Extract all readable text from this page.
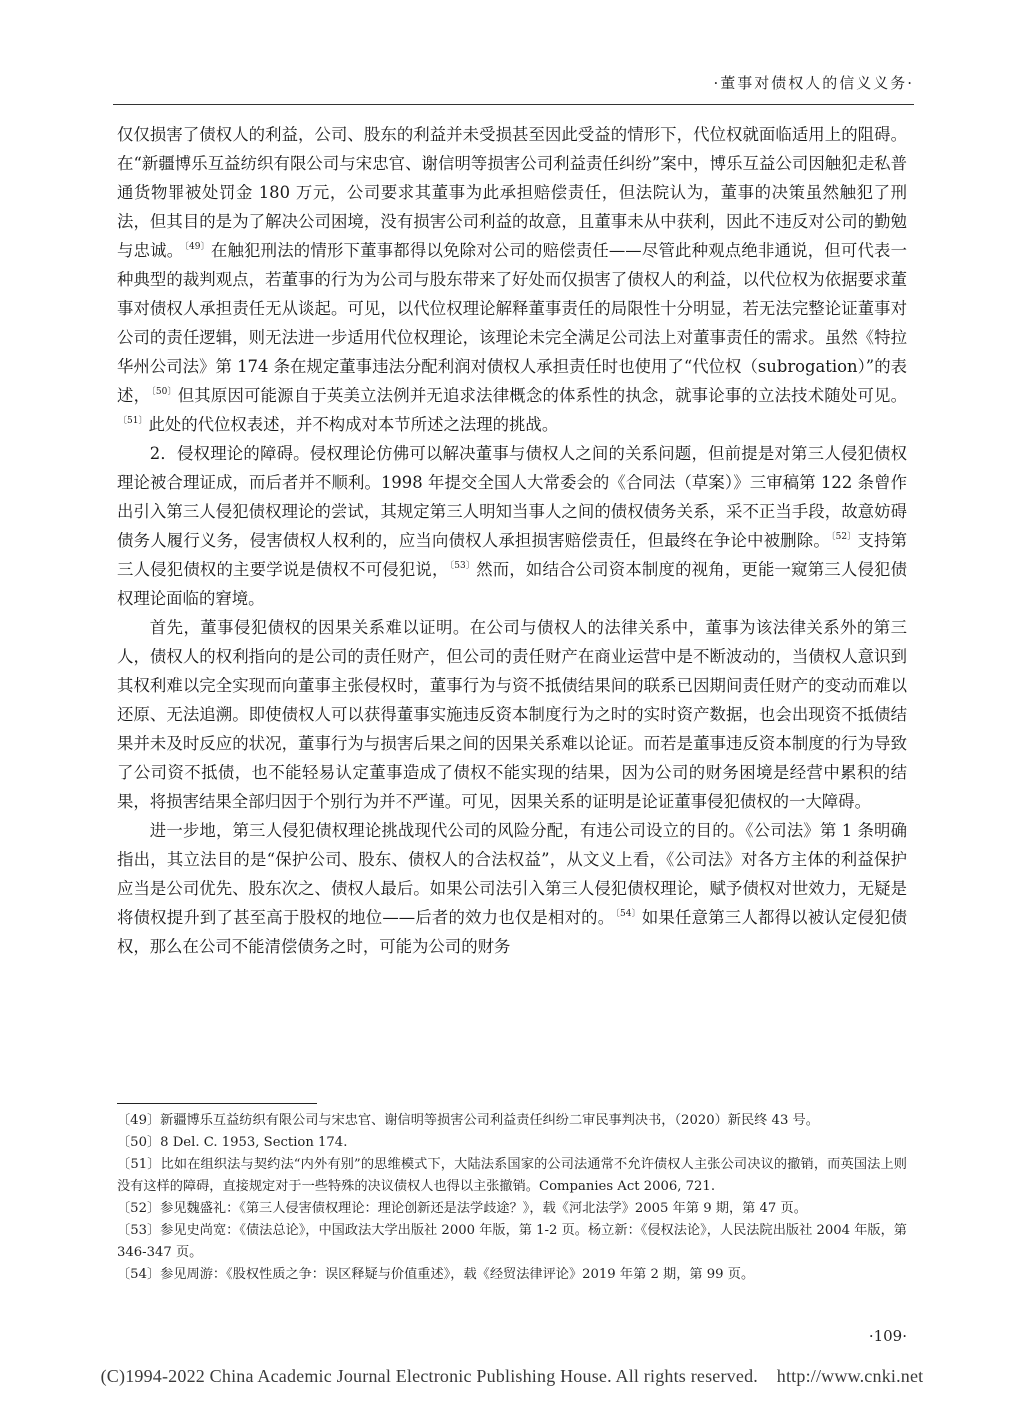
·董事对债权人的信义义务·

仅仅损害了债权人的利益，公司、股东的利益并未受损甚至因此受益的情形下，代位权就面临适用上的阻碍。在“新疆博乐互益纺织有限公司与宋忠官、谢信明等损害公司利益责任纠纷”案中，博乐互益公司因触犯走私普通货物罪被处罚金 180 万元，公司要求其董事为此承担赔偿责任，但法院认为，董事的决策虽然触犯了刑法，但其目的是为了解决公司困境，没有损害公司利益的故意，且董事未从中获利，因此不违反对公司的勤勉与忠诚。$^{〔49〕}$在触犯刑法的情形下董事都得以免除对公司的赔偿责任——尽管此种观点绝非通说，但可代表一种典型的裁判观点，若董事的行为为公司与股东带来了好处而仅损害了债权人的利益，以代位权为依据要求董事对债权人承担责任无从谈起。可见，以代位权理论解释董事责任的局限性十分明显，若无法完整论证董事对公司的责任逻辑，则无法进一步适用代位权理论，该理论未完全满足公司法上对董事责任的需求。虽然《特拉华州公司法》第 174 条在规定董事违法分配利润对债权人承担责任时也使用了“代位权（subrogation）”的表述，$^{〔50〕}$但其原因可能源自于英美立法例并无追求法律概念的体系性的执念，就事论事的立法技术随处可见。$^{〔51〕}$此处的代位权表述，并不构成对本节所述之法理的挑战。

2．侵权理论的障碍。侵权理论仿佛可以解决董事与债权人之间的关系问题，但前提是对第三人侵犯债权理论被合理证成，而后者并不顺利。1998 年提交全国人大常委会的《合同法（草案）》三审稿第 122 条曾作出引入第三人侵犯债权理论的尝试，其规定第三人明知当事人之间的债权债务关系，采不正当手段，故意妨碍债务人履行义务，侵害债权人权利的，应当向债权人承担损害赔偿责任，但最终在争论中被删除。$^{〔52〕}$支持第三人侵犯债权的主要学说是债权不可侵犯说，$^{〔53〕}$然而，如结合公司资本制度的视角，更能一窥第三人侵犯债权理论面临的窘境。

首先，董事侵犯债权的因果关系难以证明。在公司与债权人的法律关系中，董事为该法律关系外的第三人，债权人的权利指向的是公司的责任财产，但公司的责任财产在商业运营中是不断波动的，当债权人意识到其权利难以完全实现而向董事主张侵权时，董事行为与资不抵债结果间的联系已因期间责任财产的变动而难以还原、无法追溯。即使债权人可以获得董事实施违反资本制度行为之时的实时资产数据，也会出现资不抵债结果并未及时反应的状况，董事行为与损害后果之间的因果关系难以论证。而若是董事违反资本制度的行为导致了公司资不抵债，也不能轻易认定董事造成了债权不能实现的结果，因为公司的财务困境是经营中累积的结果，将损害结果全部归因于个别行为并不严谨。可见，因果关系的证明是论证董事侵犯债权的一大障碍。

进一步地，第三人侵犯债权理论挑战现代公司的风险分配，有违公司设立的目的。《公司法》第 1 条明确指出，其立法目的是“保护公司、股东、债权人的合法权益”，从文义上看，《公司法》对各方主体的利益保护应当是公司优先、股东次之、债权人最后。如果公司法引入第三人侵犯债权理论，赋予债权对世效力，无疑是将债权提升到了甚至高于股权的地位——后者的效力也仅是相对的。$^{〔54〕}$如果任意第三人都得以被认定侵犯债权，那么在公司不能清偿债务之时，可能为公司的财务

〔49〕新疆博乐互益纺织有限公司与宋忠官、谢信明等损害公司利益责任纠纷二审民事判决书，（2020）新民终 43 号。

〔50〕8 Del. C. 1953, Section 174.

〔51〕比如在组织法与契约法“内外有别”的思维模式下，大陆法系国家的公司法通常不允许债权人主张公司决议的撤销，而英国法上则没有这样的障碍，直接规定对于一些特殊的决议债权人也得以主张撤销。Companies Act 2006, 721.

〔52〕参见魏盛礼：《第三人侵害债权理论：理论创新还是法学歧途？》，载《河北法学》2005 年第 9 期，第 47 页。

〔53〕参见史尚宽：《债法总论》，中国政法大学出版社 2000 年版，第 1-2 页。杨立新：《侵权法论》，人民法院出版社 2004 年版，第 346-347 页。

〔54〕参见周游：《股权性质之争：误区释疑与价值重述》，载《经贸法律评论》2019 年第 2 期，第 99 页。

·109·
(C)1994-2022 China Academic Journal Electronic Publishing House. All rights reserved.    http://www.cnki.net
